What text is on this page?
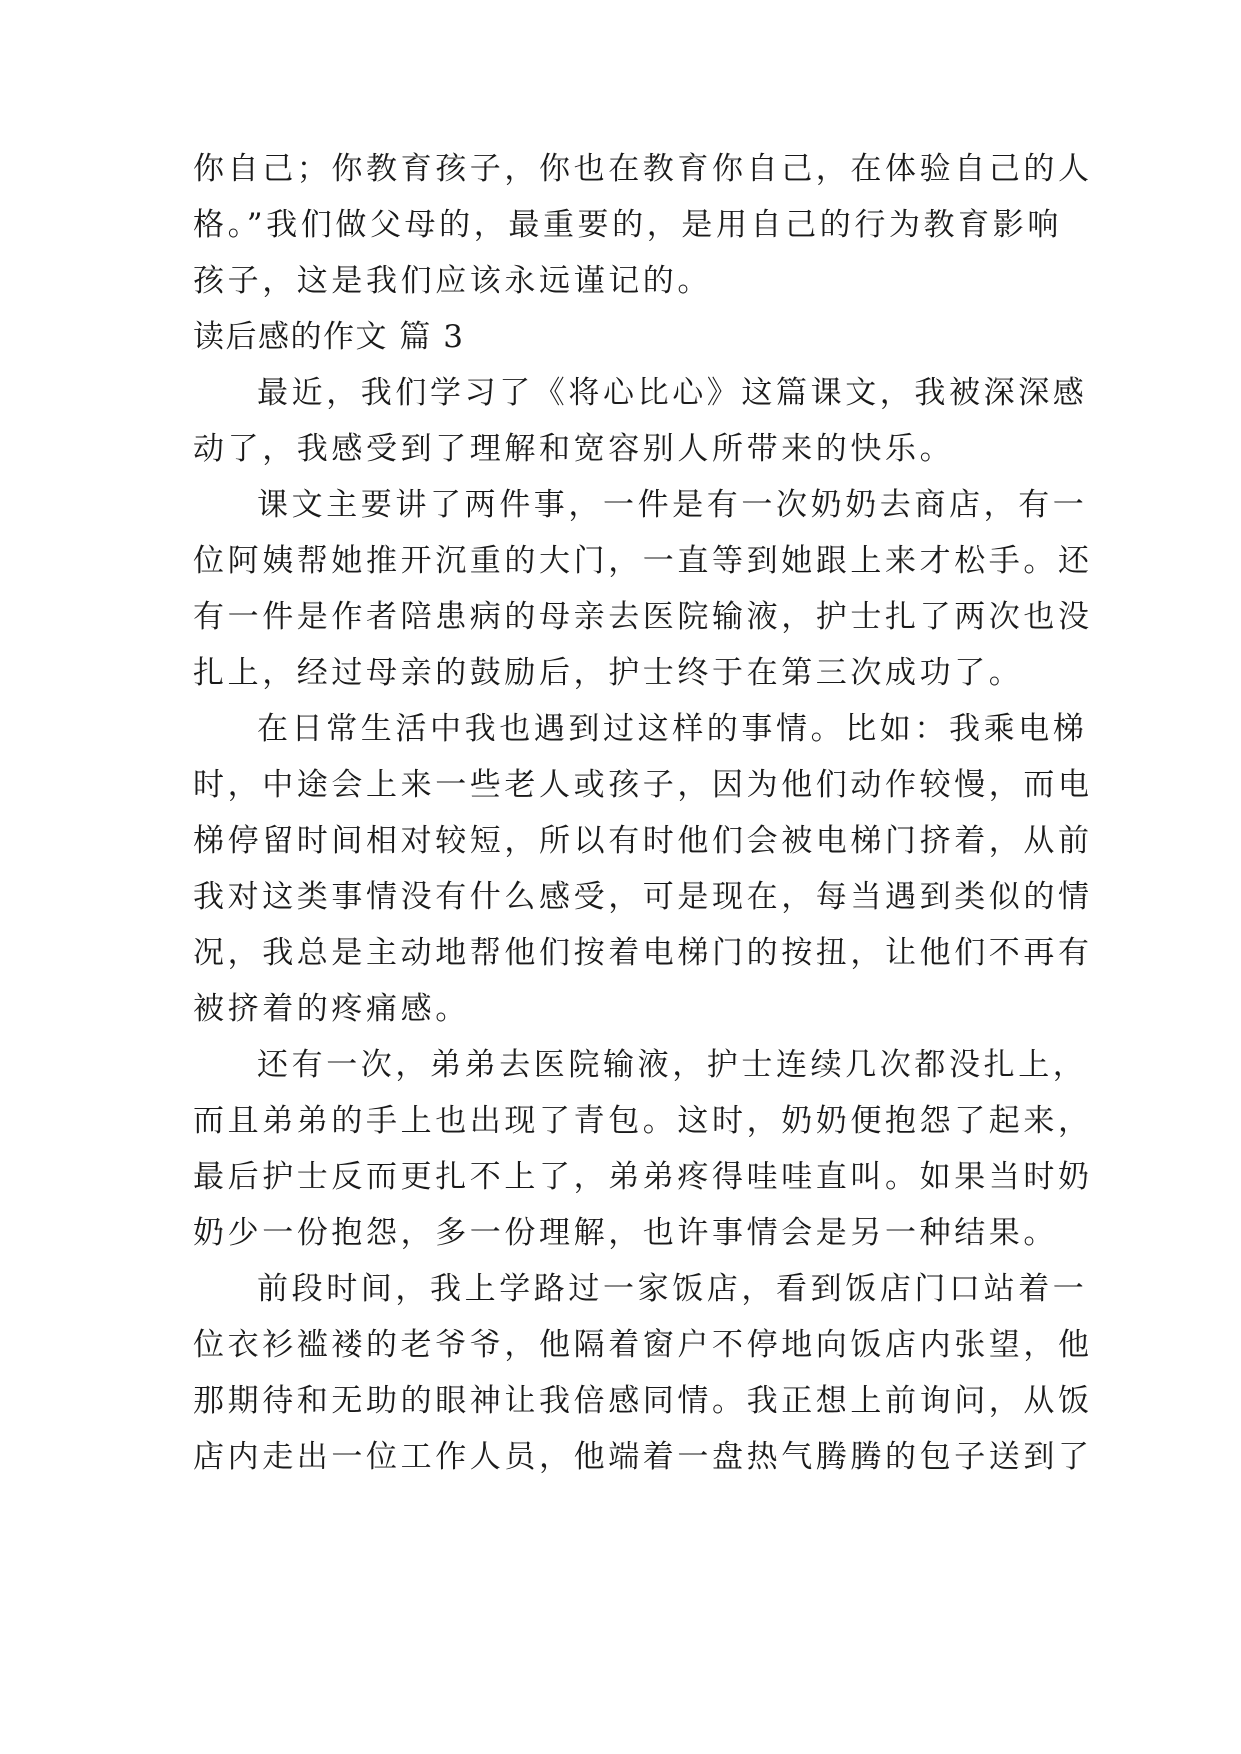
你自己；你教育孩子，你也在教育你自己，在体验自己的人
格。”我们做父母的，最重要的，是用自己的行为教育影响
孩子，这是我们应该永远谨记的。
读后感的作文 篇 3
最近，我们学习了《将心比心》这篇课文，我被深深感
动了，我感受到了理解和宽容别人所带来的快乐。
课文主要讲了两件事，一件是有一次奶奶去商店，有一
位阿姨帮她推开沉重的大门，一直等到她跟上来才松手。还
有一件是作者陪患病的母亲去医院输液，护士扎了两次也没
扎上，经过母亲的鼓励后，护士终于在第三次成功了。
在日常生活中我也遇到过这样的事情。比如：我乘电梯
时，中途会上来一些老人或孩子，因为他们动作较慢，而电
梯停留时间相对较短，所以有时他们会被电梯门挤着，从前
我对这类事情没有什么感受，可是现在，每当遇到类似的情
况，我总是主动地帮他们按着电梯门的按扭，让他们不再有
被挤着的疼痛感。
还有一次，弟弟去医院输液，护士连续几次都没扎上，
而且弟弟的手上也出现了青包。这时，奶奶便抱怨了起来，
最后护士反而更扎不上了，弟弟疼得哇哇直叫。如果当时奶
奶少一份抱怨，多一份理解，也许事情会是另一种结果。
前段时间，我上学路过一家饭店，看到饭店门口站着一
位衣衫褴褛的老爷爷，他隔着窗户不停地向饭店内张望，他
那期待和无助的眼神让我倍感同情。我正想上前询问，从饭
店内走出一位工作人员，他端着一盘热气腾腾的包子送到了
